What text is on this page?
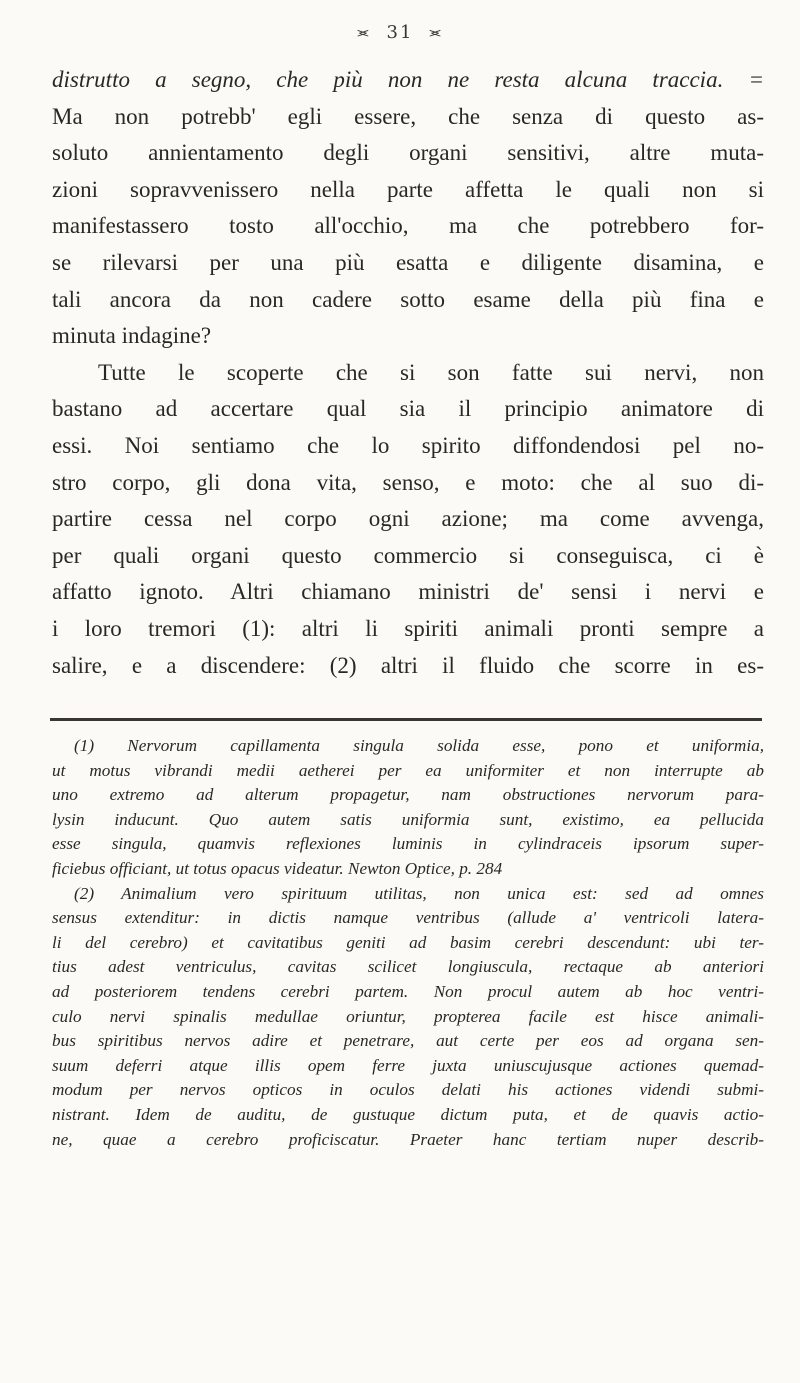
⪤ 31 ⪤
distrutto a segno, che più non ne resta alcuna traccia. =
Ma non potrebb' egli essere, che senza di questo as-
soluto annientamento degli organi sensitivi, altre muta-
zioni sopravvenissero nella parte affetta le quali non si
manifestassero tosto all'occhio, ma che potrebbero for-
se rilevarsi per una più esatta e diligente disamina, e
tali ancora da non cadere sotto esame della più fina e
minuta indagine?
Tutte le scoperte che si son fatte sui nervi, non
bastano ad accertare qual sia il principio animatore di
essi. Noi sentiamo che lo spirito diffondendosi pel no-
stro corpo, gli dona vita, senso, e moto: che al suo di-
partire cessa nel corpo ogni azione; ma come avvenga,
per quali organi questo commercio si conseguisca, ci è
affatto ignoto. Altri chiamano ministri de' sensi i nervi e
i loro tremori (1): altri li spiriti animali pronti sempre a
salire, e a discendere: (2) altri il fluido che scorre in es-
(1) Nervorum capillamenta singula solida esse, pono et uniformia,
ut motus vibrandi medii aetherei per ea uniformiter et non interrupte ab
uno extremo ad alterum propagetur, nam obstructiones nervorum para-
lysin inducunt. Quo autem satis uniformia sunt, existimo, ea pellucida
esse singula, quamvis reflexiones luminis in cylindraceis ipsorum super-
ficiebus officiant, ut totus opacus videatur. Newton Optice, p. 284
(2) Animalium vero spirituum utilitas, non unica est: sed ad omnes
sensus extenditur: in dictis namque ventribus (allude a' ventricoli latera-
li del cerebro) et cavitatibus geniti ad basim cerebri descendunt: ubi ter-
tius adest ventriculus, cavitas scilicet longiuscula, rectaque ab anteriori
ad posteriorem tendens cerebri partem. Non procul autem ab hoc ventri-
culo nervi spinalis medullae oriuntur, propterea facile est hisce animali-
bus spiritibus nervos adire et penetrare, aut certe per eos ad organa sen-
suum deferri atque illis opem ferre juxta uniuscujusque actiones quemad-
modum per nervos opticos in oculos delati his actiones videndi submi-
nistrant. Idem de auditu, de gustuque dictum puta, et de quavis actio-
ne, quae a cerebro proficiscatur. Praeter hanc tertiam nuper describ-
